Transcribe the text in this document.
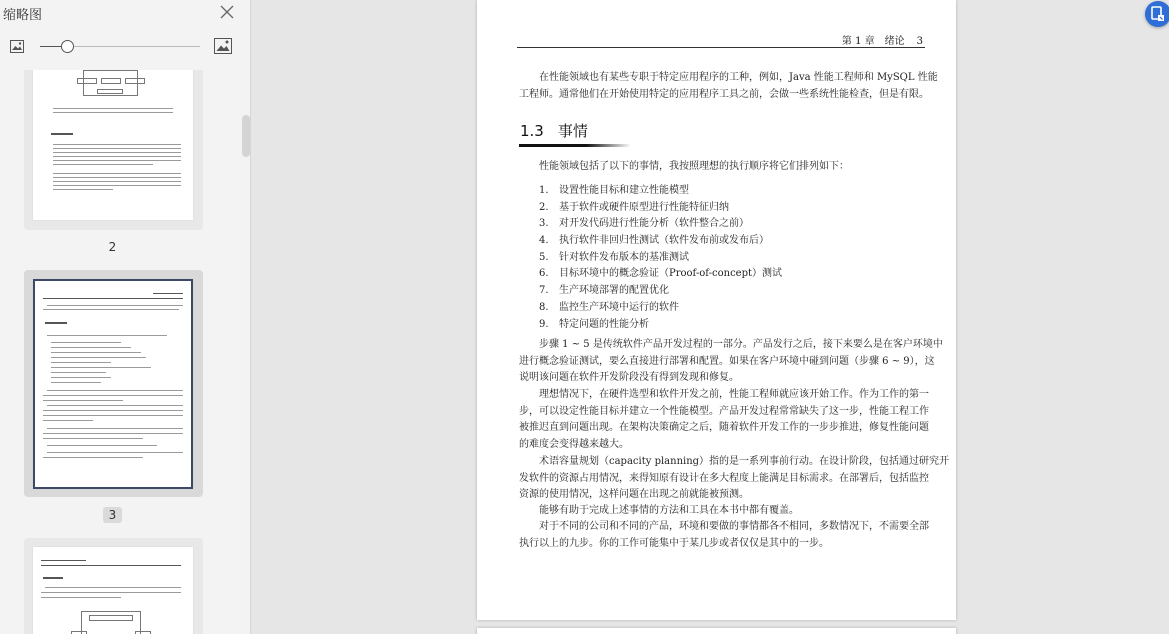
缩略图
2
3
第 1 章　绪论 3
在性能领域也有某些专职于特定应用程序的工种，例如，Java 性能工程师和 MySQL 性能
工程师。通常他们在开始使用特定的应用程序工具之前，会做一些系统性能检查，但是有限。
1.3 事情
性能领域包括了以下的事情，我按照理想的执行顺序将它们排列如下：
1. 设置性能目标和建立性能模型
2. 基于软件或硬件原型进行性能特征归纳
3. 对开发代码进行性能分析（软件整合之前）
4. 执行软件非回归性测试（软件发布前或发布后）
5. 针对软件发布版本的基准测试
6. 目标环境中的概念验证（Proof-of-concept）测试
7. 生产环境部署的配置优化
8. 监控生产环境中运行的软件
9. 特定问题的性能分析
步骤 1 ~ 5 是传统软件产品开发过程的一部分。产品发行之后，接下来要么是在客户环境中
进行概念验证测试，要么直接进行部署和配置。如果在客户环境中碰到问题（步骤 6 ~ 9），这
说明该问题在软件开发阶段没有得到发现和修复。
理想情况下，在硬件选型和软件开发之前，性能工程师就应该开始工作。作为工作的第一
步，可以设定性能目标并建立一个性能模型。产品开发过程常常缺失了这一步，性能工程工作
被推迟直到问题出现。在架构决策确定之后，随着软件开发工作的一步步推进，修复性能问题
的难度会变得越来越大。
术语容量规划（capacity planning）指的是一系列事前行动。在设计阶段，包括通过研究开
发软件的资源占用情况，来得知原有设计在多大程度上能满足目标需求。在部署后，包括监控
资源的使用情况，这样问题在出现之前就能被预测。
能够有助于完成上述事情的方法和工具在本书中都有覆盖。
对于不同的公司和不同的产品，环境和要做的事情都各不相同，多数情况下，不需要全部
执行以上的九步。你的工作可能集中于某几步或者仅仅是其中的一步。
